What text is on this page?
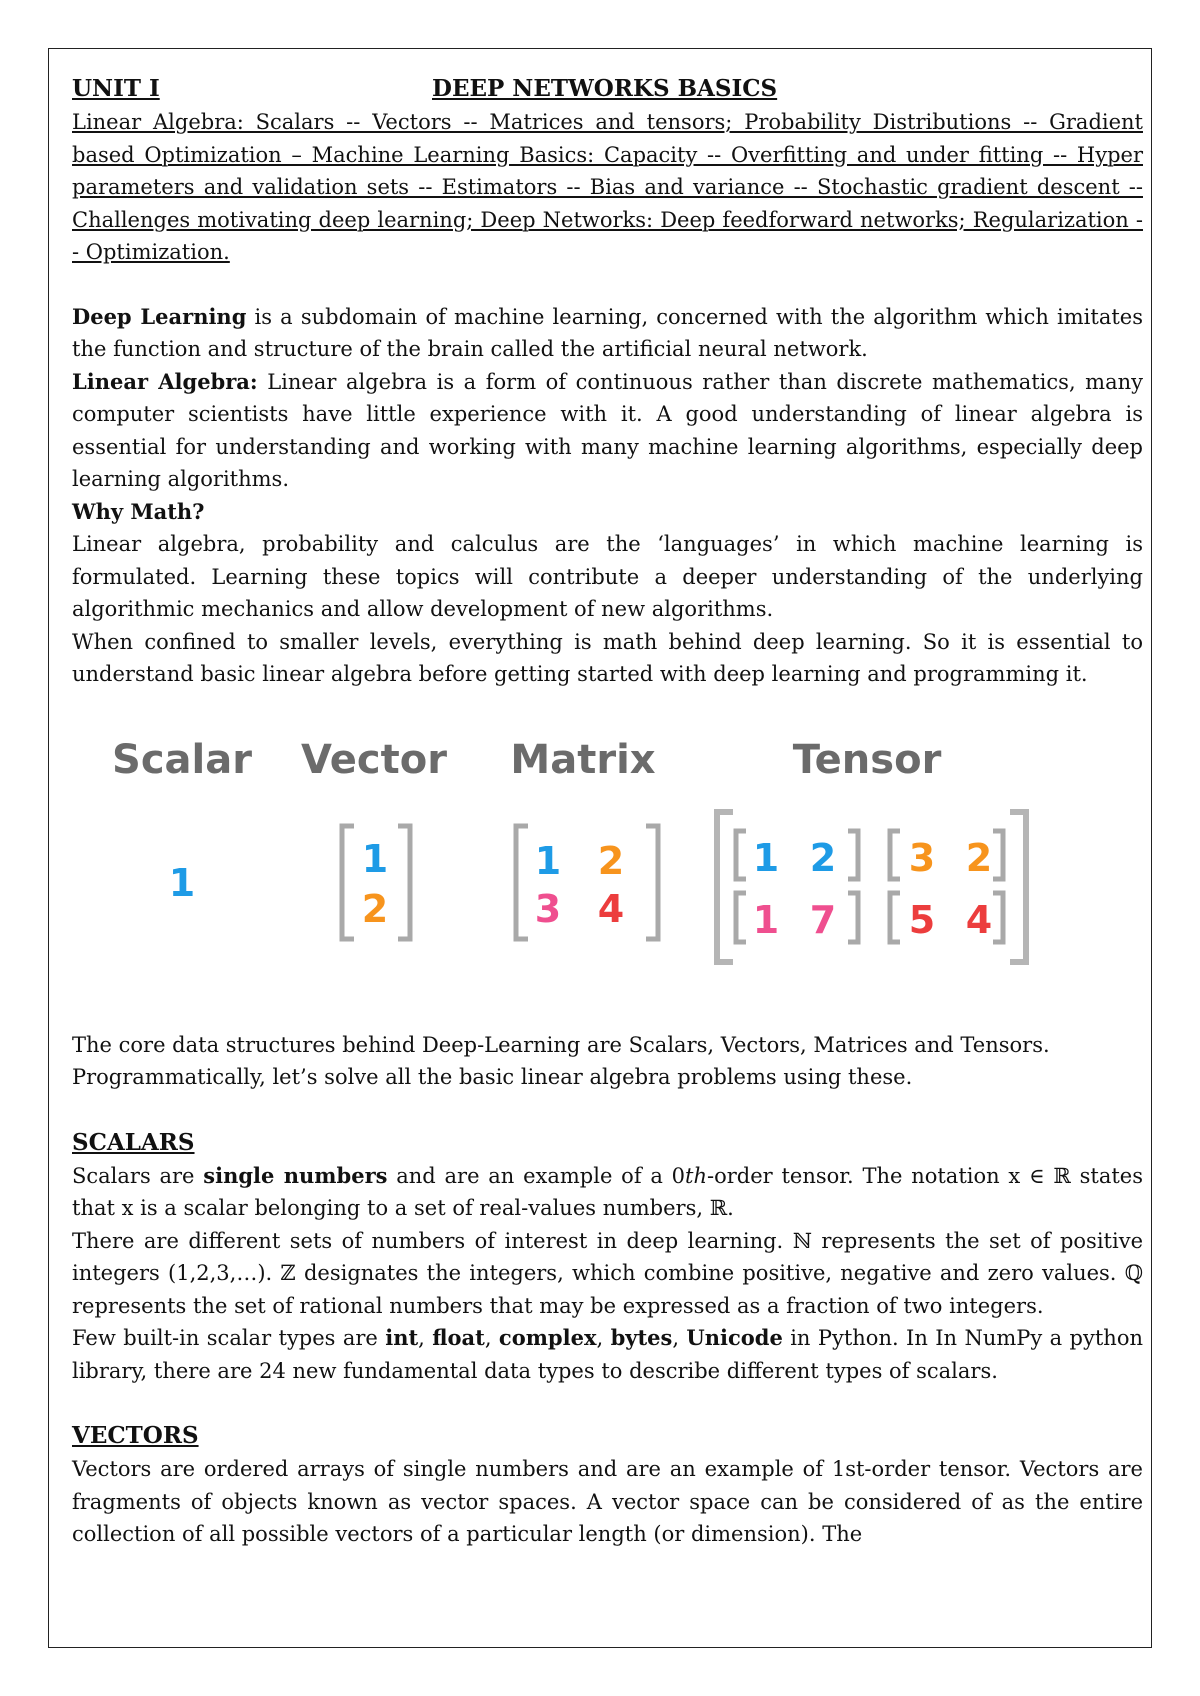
UNIT I	DEEP NETWORKS BASICS

Linear Algebra: Scalars -- Vectors -- Matrices and tensors; Probability Distributions -- Gradient based Optimization – Machine Learning Basics: Capacity -- Overfitting and under fitting -- Hyper parameters and validation sets -- Estimators -- Bias and variance -- Stochastic gradient descent -- Challenges motivating deep learning; Deep Networks: Deep feedforward networks; Regularization - - Optimization.

Deep Learning is a subdomain of machine learning, concerned with the algorithm which imitates the function and structure of the brain called the artificial neural network.

Linear Algebra: Linear algebra is a form of continuous rather than discrete mathematics, many computer scientists have little experience with it. A good understanding of linear algebra is essential for understanding and working with many machine learning algorithms, especially deep learning algorithms.

Why Math?

Linear algebra, probability and calculus are the ‘languages’ in which machine learning is formulated. Learning these topics will contribute a deeper understanding of the underlying algorithmic mechanics and allow development of new algorithms.

When confined to smaller levels, everything is math behind deep learning. So it is essential to understand basic linear algebra before getting started with deep learning and programming it.

Scalar Vector Matrix	Tensor
1
1
2
1 2
3 4
1 2 3 2
1 7 5 4

The core data structures behind Deep-Learning are Scalars, Vectors, Matrices and Tensors.

Programmatically, let’s solve all the basic linear algebra problems using these.

SCALARS

Scalars are single numbers and are an example of a 0th-order tensor. The notation x ∈ ℝ states that x is a scalar belonging to a set of real-values numbers, ℝ.

There are different sets of numbers of interest in deep learning. ℕ represents the set of positive integers (1,2,3,…). ℤ designates the integers, which combine positive, negative and zero values. ℚ represents the set of rational numbers that may be expressed as a fraction of two integers.

Few built-in scalar types are int, float, complex, bytes, Unicode in Python. In In NumPy a python library, there are 24 new fundamental data types to describe different types of scalars.

VECTORS

Vectors are ordered arrays of single numbers and are an example of 1st-order tensor. Vectors are fragments of objects known as vector spaces. A vector space can be considered of as the entire collection of all possible vectors of a particular length (or dimension). The
